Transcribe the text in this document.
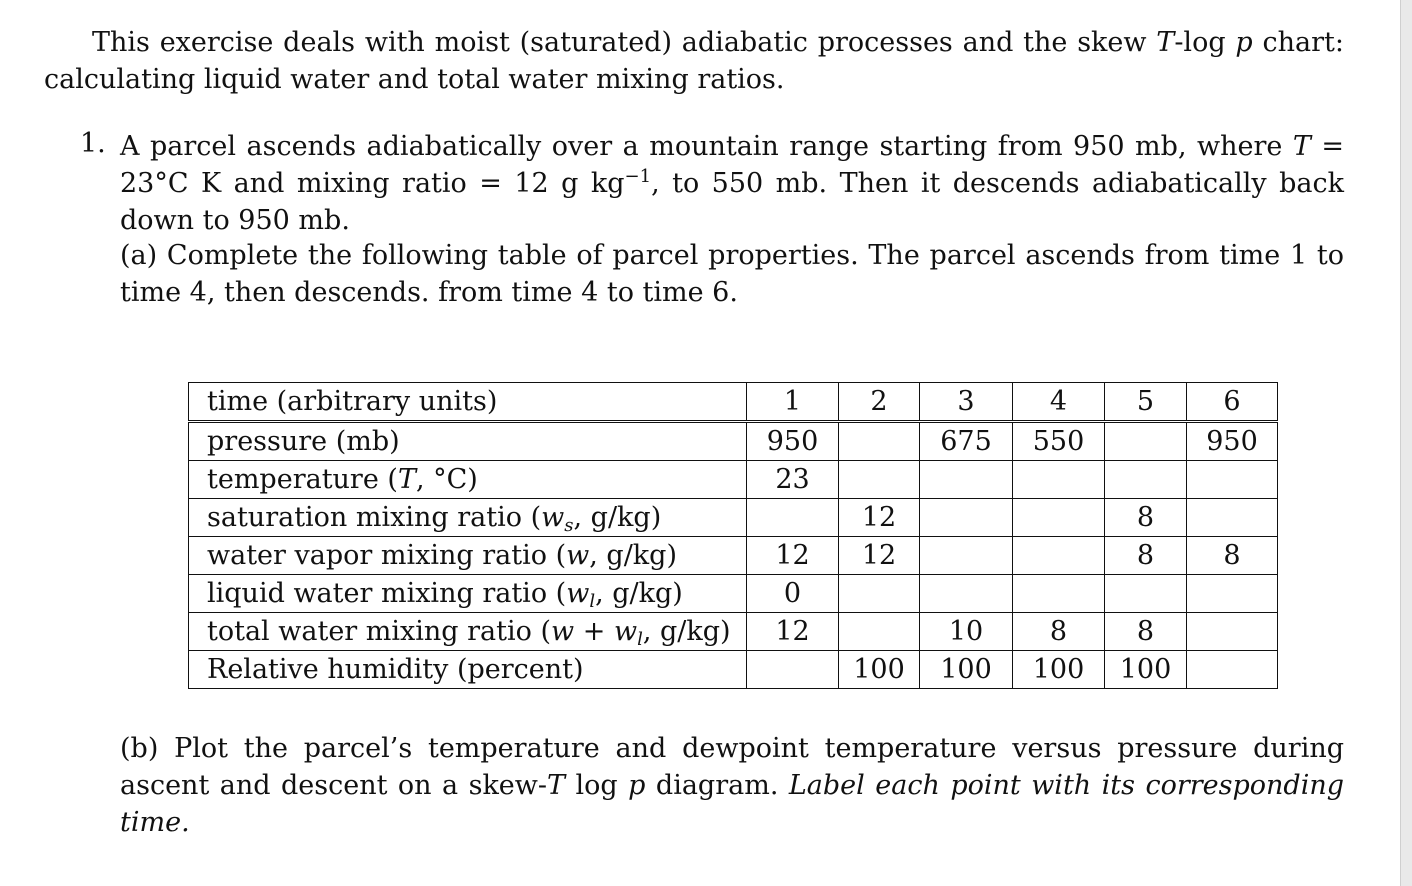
This exercise deals with moist (saturated) adiabatic processes and the skew T-log p chart: calculating liquid water and total water mixing ratios.

1. A parcel ascends adiabatically over a mountain range starting from 950 mb, where T = 23°C K and mixing ratio = 12 g $kg^{-1}$, to 550 mb. Then it descends adiabatically back down to 950 mb.

(a) Complete the following table of parcel properties. The parcel ascends from time 1 to time 4, then descends. from time 4 to time 6.

time (arbitrary units)	1	2	3	4	5	6
pressure (mb)	950		675	550		950
temperature (T, °C)	23					
saturation mixing ratio ($w_s$, g/kg)		12			8	
water vapor mixing ratio (w, g/kg)	12	12			8	8
liquid water mixing ratio ($w_l$, g/kg)	0					
total water mixing ratio ($w + w_l$, g/kg)	12		10	8	8	
Relative humidity (percent)		100	100	100	100	

(b) Plot the parcel’s temperature and dewpoint temperature versus pressure during ascent and descent on a skew-T log p diagram. Label each point with its corresponding time.
